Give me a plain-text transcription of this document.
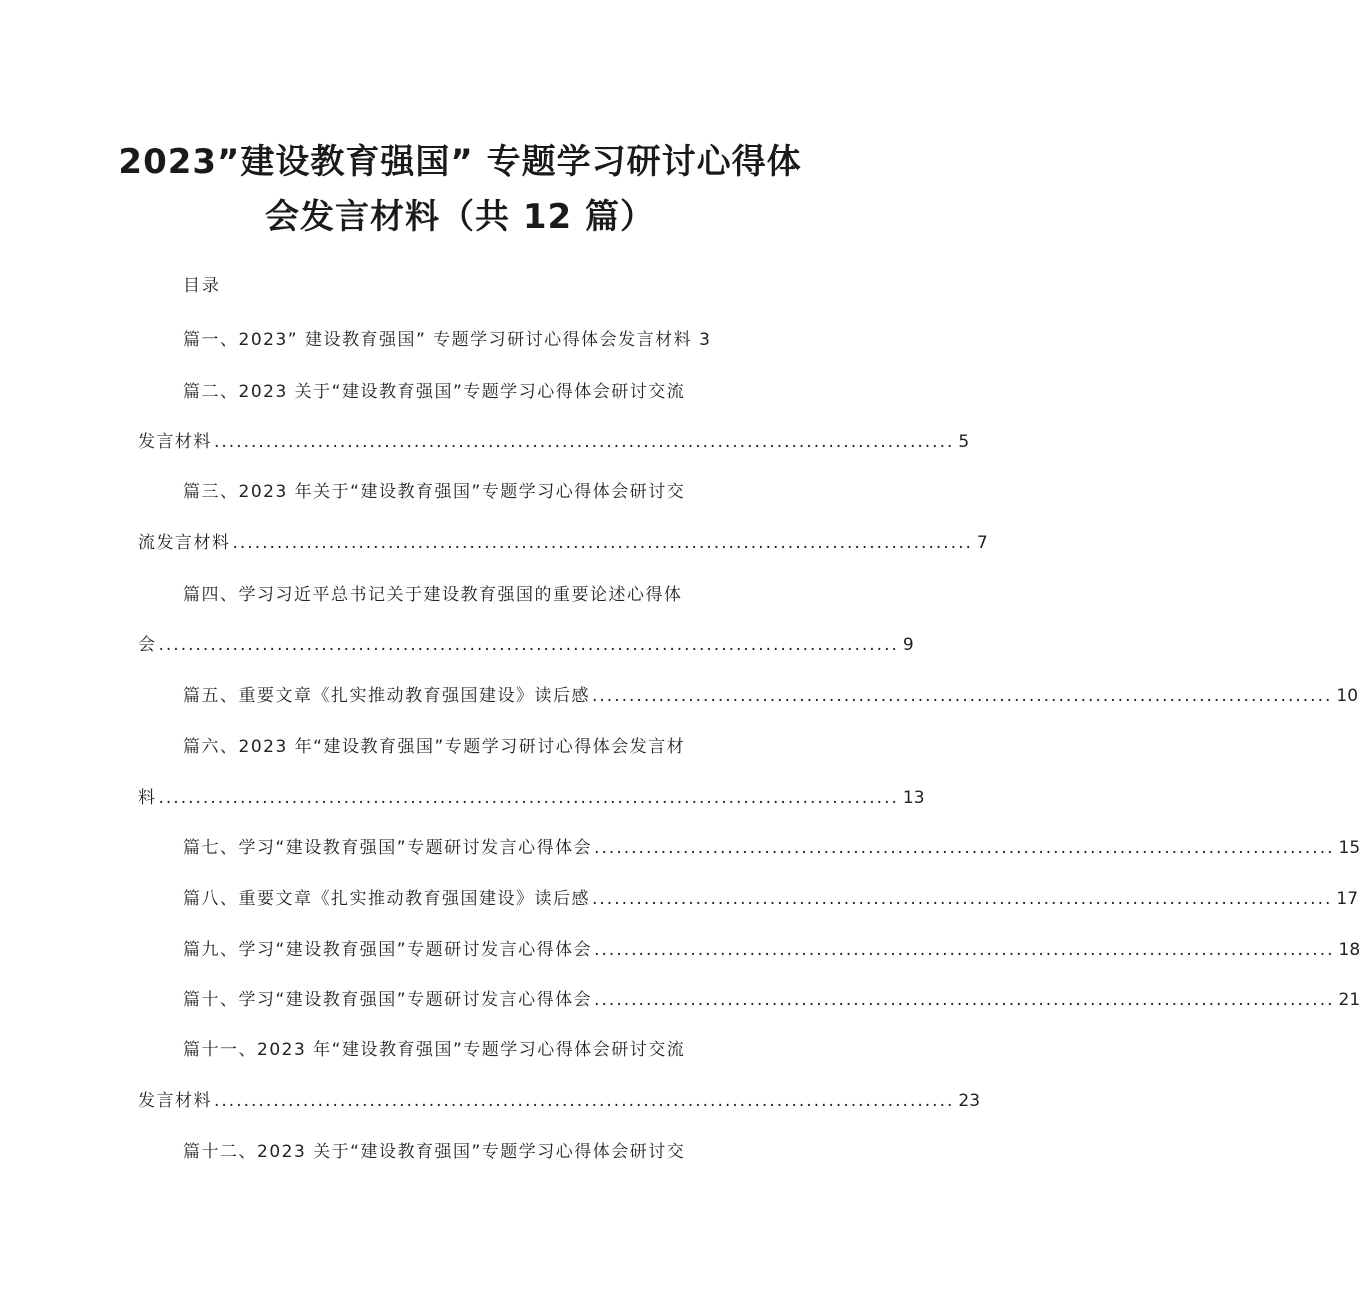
2023”建设教育强国” 专题学习研讨心得体
会发言材料（共 12 篇）
目录
篇一、2023” 建设教育强国” 专题学习研讨心得体会发言材料 3
篇二、2023 关于“建设教育强国”专题学习心得体会研讨交流
发言材料 .................................................................................................... 5
篇三、2023 年关于“建设教育强国”专题学习心得体会研讨交
流发言材料 .................................................................................................... 7
篇四、学习习近平总书记关于建设教育强国的重要论述心得体
会 .................................................................................................... 9
篇五、重要文章《扎实推动教育强国建设》读后感 .................................................................................................... 10
篇六、2023 年“建设教育强国”专题学习研讨心得体会发言材
料 .................................................................................................... 13
篇七、学习“建设教育强国”专题研讨发言心得体会 .................................................................................................... 15
篇八、重要文章《扎实推动教育强国建设》读后感 .................................................................................................... 17
篇九、学习“建设教育强国”专题研讨发言心得体会 .................................................................................................... 18
篇十、学习“建设教育强国”专题研讨发言心得体会 .................................................................................................... 21
篇十一、2023 年“建设教育强国”专题学习心得体会研讨交流
发言材料 .................................................................................................... 23
篇十二、2023 关于“建设教育强国”专题学习心得体会研讨交
